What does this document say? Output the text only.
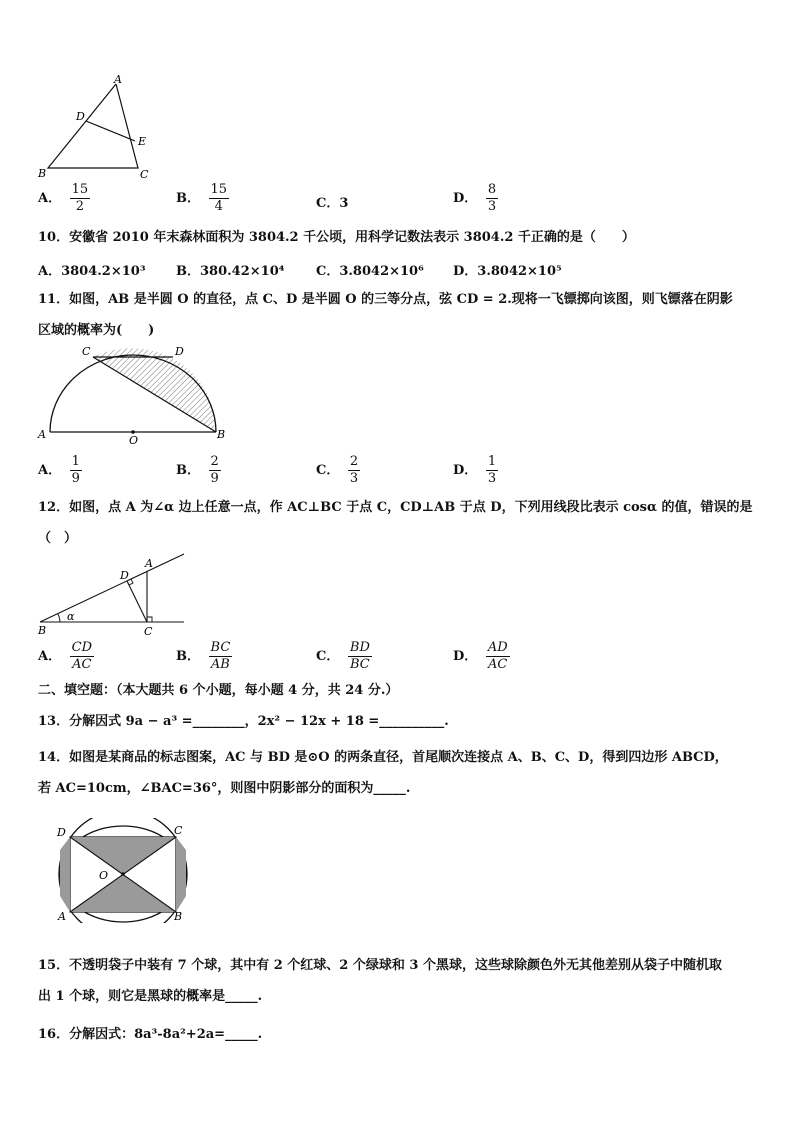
A
D
E
B	C
A． $\frac{15}{2}$	B． $\frac{15}{4}$	C．3	D． $\frac{8}{3}$
10．安徽省 2010 年末森林面积为 3804.2 千公顷，用科学记数法表示 3804.2 千正确的是（　　）
A．3804.2×10³ B．380.42×10⁴ C．3.8042×10⁶ D．3.8042×10⁵
11．如图，AB 是半圆 O 的直径，点 C、D 是半圆 O 的三等分点，弦 CD = 2.现将一飞镖掷向该图，则飞镖落在阴影
区域的概率为(　　)
C	D
A	O	B
A． $\frac{1}{9}$	B． $\frac{2}{9}$	C． $\frac{2}{3}$	D． $\frac{1}{3}$
12．如图，点 A 为∠α 边上任意一点，作 AC⊥BC 于点 C，CD⊥AB 于点 D，下列用线段比表示 cosα 的值，错误的是
（　）
A
D
B	C
α
A． $\frac{CD}{AC}$	B． $\frac{BC}{AB}$	C． $\frac{BD}{BC}$	D． $\frac{AD}{AC}$
二、填空题：（本大题共 6 个小题，每小题 4 分，共 24 分.）
13．分解因式 9a − a³ =________，2x² − 12x + 18 =__________.
14．如图是某商品的标志图案，AC 与 BD 是⊙O 的两条直径，首尾顺次连接点 A、B、C、D，得到四边形 ABCD，
若 AC=10cm，∠BAC=36°，则图中阴影部分的面积为_____.
D	C
O
A	B
15．不透明袋子中装有 7 个球，其中有 2 个红球、2 个绿球和 3 个黑球，这些球除颜色外无其他差别从袋子中随机取
出 1 个球，则它是黑球的概率是_____.
16．分解因式：8a³-8a²+2a=_____.
